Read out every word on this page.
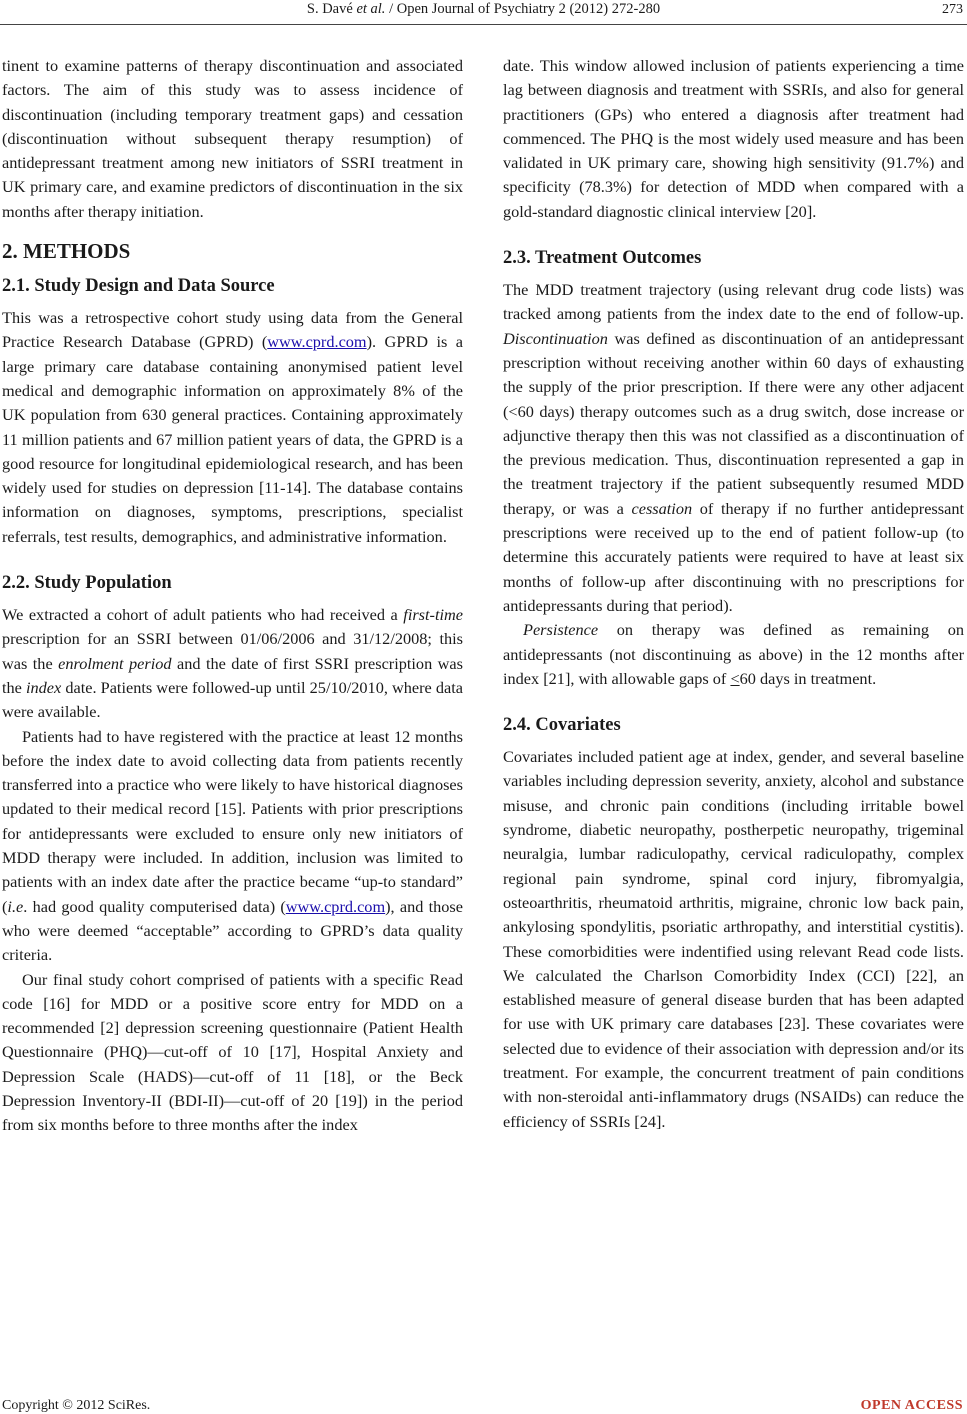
S. Davé et al. / Open Journal of Psychiatry 2 (2012) 272-280	273

tinent to examine patterns of therapy discontinuation and associated factors. The aim of this study was to assess incidence of discontinuation (including temporary treatment gaps) and cessation (discontinuation without subsequent therapy resumption) of antidepressant treatment among new initiators of SSRI treatment in UK primary care, and examine predictors of discontinuation in the six months after therapy initiation.

2. METHODS
2.1. Study Design and Data Source

This was a retrospective cohort study using data from the General Practice Research Database (GPRD) (www.cprd.com). GPRD is a large primary care database containing anonymised patient level medical and demographic information on approximately 8% of the UK population from 630 general practices. Containing approximately 11 million patients and 67 million patient years of data, the GPRD is a good resource for longitudinal epidemiological research, and has been widely used for studies on depression [11-14]. The database contains information on diagnoses, symptoms, prescriptions, specialist referrals, test results, demographics, and administrative information.

2.2. Study Population

We extracted a cohort of adult patients who had received a first-time prescription for an SSRI between 01/06/2006 and 31/12/2008; this was the enrolment period and the date of first SSRI prescription was the index date. Patients were followed-up until 25/10/2010, where data were available.

Patients had to have registered with the practice at least 12 months before the index date to avoid collecting data from patients recently transferred into a practice who were likely to have historical diagnoses updated to their medical record [15]. Patients with prior prescriptions for antidepressants were excluded to ensure only new initiators of MDD therapy were included. In addition, inclusion was limited to patients with an index date after the practice became “up-to standard” (i.e. had good quality computerised data) (www.cprd.com), and those who were deemed “acceptable” according to GPRD’s data quality criteria.

Our final study cohort comprised of patients with a specific Read code [16] for MDD or a positive score entry for MDD on a recommended [2] depression screening questionnaire (Patient Health Questionnaire (PHQ)—cut-off of 10 [17], Hospital Anxiety and Depression Scale (HADS)—cut-off of 11 [18], or the Beck Depression Inventory-II (BDI-II)—cut-off of 20 [19]) in the period from six months before to three months after the index

date. This window allowed inclusion of patients experiencing a time lag between diagnosis and treatment with SSRIs, and also for general practitioners (GPs) who entered a diagnosis after treatment had commenced. The PHQ is the most widely used measure and has been validated in UK primary care, showing high sensitivity (91.7%) and specificity (78.3%) for detection of MDD when compared with a gold-standard diagnostic clinical interview [20].

2.3. Treatment Outcomes

The MDD treatment trajectory (using relevant drug code lists) was tracked among patients from the index date to the end of follow-up. Discontinuation was defined as discontinuation of an antidepressant prescription without receiving another within 60 days of exhausting the supply of the prior prescription. If there were any other adjacent (<60 days) therapy outcomes such as a drug switch, dose increase or adjunctive therapy then this was not classified as a discontinuation of the previous medication. Thus, discontinuation represented a gap in the treatment trajectory if the patient subsequently resumed MDD therapy, or was a cessation of therapy if no further antidepressant prescriptions were received up to the end of patient follow-up (to determine this accurately patients were required to have at least six months of follow-up after discontinuing with no prescriptions for antidepressants during that period).

Persistence on therapy was defined as remaining on antidepressants (not discontinuing as above) in the 12 months after index [21], with allowable gaps of <60 days in treatment.

2.4. Covariates

Covariates included patient age at index, gender, and several baseline variables including depression severity, anxiety, alcohol and substance misuse, and chronic pain conditions (including irritable bowel syndrome, diabetic neuropathy, postherpetic neuropathy, trigeminal neuralgia, lumbar radiculopathy, cervical radiculopathy, complex regional pain syndrome, spinal cord injury, fibromyalgia, osteoarthritis, rheumatoid arthritis, migraine, chronic low back pain, ankylosing spondylitis, psoriatic arthropathy, and interstitial cystitis). These comorbidities were indentified using relevant Read code lists. We calculated the Charlson Comorbidity Index (CCI) [22], an established measure of general disease burden that has been adapted for use with UK primary care databases [23]. These covariates were selected due to evidence of their association with depression and/or its treatment. For example, the concurrent treatment of pain conditions with non-steroidal anti-inflammatory drugs (NSAIDs) can reduce the efficiency of SSRIs [24].

Copyright © 2012 SciRes.	OPEN ACCESS
